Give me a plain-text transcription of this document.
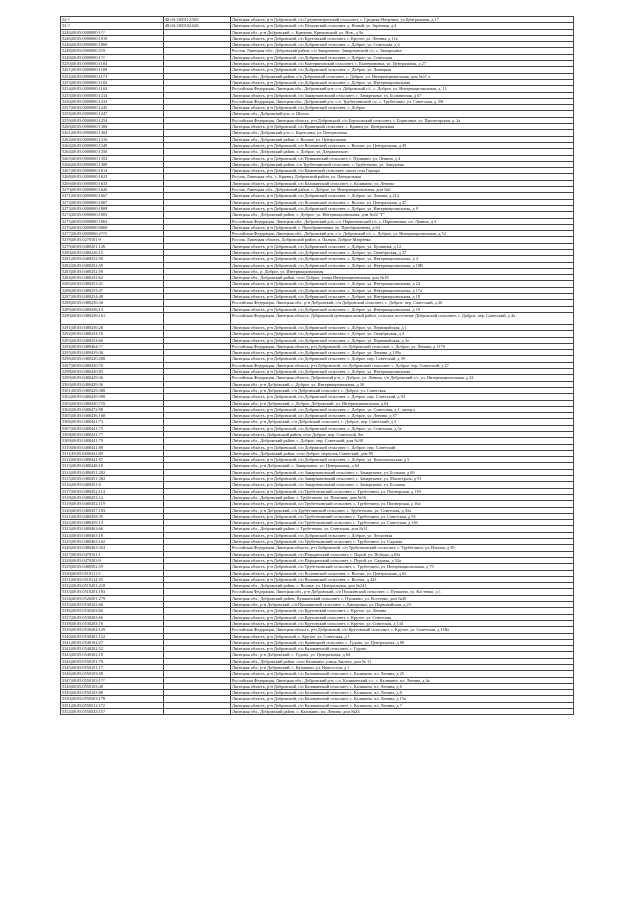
52-?	48:04:1300112:565	Липецкая область, р-н Добровский, с/п Среднематренский сельсовет, с. Средняя Матренка, ул.Центральная, д.17
52-?	48:04:1300102:626	Липецкая область, р-н Добровский, с/п Петровский сельсовет, д. Новый, ул. Заречная, д 4
5246|48:05:0000000:1??		Липецкая обл., р-н Добровский, с. Крюково, Крюковский, ул. Нов., д 9а
5246|48:05:0000000:1819		Липецкая область, р-н Добровский, с/п Крутовский сельсовет, с. Крутое, ул. Ленина, д 11к
5246|48:05:0000000:1869		Липецкая область, р-н Добровский, с/п Добровский сельсовет, с. Доброе, ул. Советская, д 4
5248|48:05:0000000:519		Россия, Липецкая обл., Добровский район, с/п Замартынье, Замартынский с/с, с. Замартынье
5249|48:05:0000000:1??		Липецкая область, р-н Добровский, с/п Добровский сельсовет, с. Доброе, ул. Советская
5250|48:05:0000000:1184		Липецкая область, р-н Добровский, с/п Екатериновский сельсовет, с. Екатериновка, ул. Центральная, д 27
5251|48:05:0000000:1189		Липецкая область, р-н Добровский, с/п Добровский сельсовет, с. Доброе, ул. Липецкая
5252|48:05:0000000:1173		Липецкая обл., Добровский район, с/п Добровский сельсовет, с. Доброе, ул. Интернациональная, дом №11 а
5253|48:05:0000000:1182		Липецкая область, р-н Добровский, с/п Добровский сельсовет, с. Доброе, ул. Интернациональная
5254|48:05:0000000:1165		Российская Федерация, Липецкая обл., Добровский р-н, с.п. Добровский с/с, с. Доброе, ул. Интернациональная, д. 11
5255|48:05:0000000:1214		Липецкая область, р-н Добровский, с/п Замартыновский сельсовет, с. Замартынье, ул. Больничная, д 67
5256|48:05:0000000:1233		Российская Федерация, Липецкая обл., Добровский р-н, с.п. Трубетчинский с/с, с. Трубетчино, ул. Советская, д. 5В
5257|48:05:0000000:1245		Липецкая область, р-н Добровский, с/п Добровский сельсовет, с. Доброе
5258|48:05:0000000:1247		Липецкая обл., Добровский р-н, п. Шолох
5259|48:05:0000000:1254		Российская Федерация, Липецкая область, р-н Добровский, с/п Борисовский сельсовет, с. Борисовка, ул. Пролетарская, д. 2а
5260|48:05:0000000:1306		Липецкая область, р-н Добровский, с/п Кривецкий сельсовет, с. Кривец ул. Центральная
5261|48:05:0000000:1304		Липецкая обл., Добровский р-н, с. Борисовка, ул. Центральная
5262|48:05:0000000:1316		Липецкая обл., Добровский район, с. Волчье, ул. Центральная
5263|48:05:0000000:1349		Липецкая область, р-н Добровский, с/п Волчанский сельсовет, с. Волчье, ул. Центральная, д 49
5264|48:05:0000000:1350		Липецкая обл., Добровский район, с. Доброе, ул. Дзержинского
5265|48:05:0000000:1352		Липецкая область, р-н Добровский, с/п Пушкинский сельсовет, с. Пушкино, ул. Ленина, д 4
5266|48:05:0000000:1389		Липецкая обл., Добровский район, с/п Трубетчинский сельсовет, с. Трубетчино, ул. Заводская
5267|48:05:0000000:1614		Липецкая область, р-н Добровский, с/п Каменский сельсовет, около села Горицы
5268|48:05:0000000:1625		Россия, Липецкая обл., с. Кривец, Добровский район, ул. Центральная
5269|48:05:0000000:1633		Липецкая область, р-н Добровский, с/п Каликинский сельсовет, с. Каликино, ул. Ленина
5270|48:05:0000000:1626		Россия, Липецкая обл., Добровский район, с. Доброе, ул. Интернациональная, дом №6
5271|48:05:0000000:1667		Липецкая область, р-н Добровский, с/п Добровский сельсовет, с. Доброе, ул. Ленина, д 214
5272|48:05:0000000:1667		Липецкая область, р-н Добровский, с/п Волчанский сельсовет, с. Волчье, ул. Центральная, д 47
5273|48:05:0000000:1808		Липецкая область, р-н Добровский, с/п Добровский сельсовет, с. Доброе, ул. Интернациональная, д 9
5274|48:05:0000000:1803		Липецкая обл., Добровский район, с. Доброе, ул. Интернациональная, дом №22 "Г"
5275|48:05:0000000:1863		Российская Федерация, Липецкая обл., Добровский р-н, с.п. Паршиновский с/с, с. Паршиновка, пл. Ленина, д 4
5276|48:05:0000000:0869		Липецкая область, р-н Добровский, с. Преображеновка, ул. Преображенова, д 64
5277|48:05:0000000:2??3		Российская Федерация, Липецкая обл., Добровский р-н, с.п. Добровский с/с, с. Доброе, ул. Интернациональная, д 52
5278|48:05:0270101:9		Россия, Липецкая область, Добровский район, п. Пальна, Доброе-Матрёнка
5279|48:05:0480201:126		Липецкая область, р-н Добровский, с/п Добровский сельсовет, с. Доброе, ул. Целинная, д 12
5280|48:05:0480226:15		Липецкая область, р-н Добровский, с/п Добровский сельсовет, с. Доброе, ул. Октябрьская, д 27
5281|48:05:0480252:59		Липецкая область, р-н Добровский, с/п Добровский сельсовет, с. Доброе, ул. Интернациональная, д 4
5282|48:05:0480252:59		Липецкая область, р-н Добровский, с/п Добровский сельсовет, с. Доброе, ул. Интернациональная, д 18В
5283|48:05:0480252:59		Липецкая обл., р. Доброе, ул. Интернациональная
5284|48:05:0480252:62		Липецкая обл., Добровский район, село Доброе, улица Интернациональная, дом №18
5285|48:05:0480253:41		Липецкая область, р-н Добровский, с/п Добровский сельсовет, с. Доброе, ул. Интернациональная, д 24
5286|48:05:0480253:47		Липецкая область, р-н Добровский, с/п Добровский сельсовет, с. Доброе, ул. Интернациональная, д 17а
5287|48:05:0480254:48		Липецкая область, р-н Добровский, с/п Добровский сельсовет, с. Доброе, ул. Интернациональная, д 18
5288|48:05:0480256:30		Российская Федерация, Липецкая обл., р-н Добровский, с/п Добровский сельсовет, с. Доброе, пер. Советский, д 26
5289|48:05:0480256:13		Липецкая область, р-н Добровский, с/п Добровский сельсовет, с. Доброе, ул. Интернациональная, д 19
5290|48:05:0480256:161		Российская Федерация, Липецкая область, Добровский муниципальный район, сельское поселение Добровский сельсовет, с. Доброе, пер. Советский, д 4а
5291|48:05:0480256:28		Липецкая область, р-н Добровский, с/п Добровский сельсовет, с. Доброе, ул. Первомайская, д 1
5292|48:05:0480254:76		Липецкая область, р-н Добровский, с/п Добровский сельсовет, с. Доброе, ул. Октябрьская, д 2
5293|48:05:0480254:66		Липецкая область, р-н Добровский, с/п Добровский сельсовет, с. Доброе, ул. Первомайская, д 3а
5294|48:05:0480464:??		Российская Федерация, Липецкая область, р-н Добровский, с/п Добровский сельсовет, с. Доброе, ул. Ленина, д 117б
5295|48:05:0480419:36		Липецкая область, р-н Добровский, с/п Добровский сельсовет, с. Доброе, ул. Ленина, д 139а
5296|48:05:0480420:288		Липецкая область, р-н Добровский, с/п Добровский сельсовет, с. Доброе, пер. Советский, д 39
5297|48:05:0480420:76		Российская Федерация, Липецкая область, р-н Добровский, с/п Добровский сельсовет, с. Доброе, пер. Советский, д 27
5298|48:05:0480420:85		Липецкая область, р-н Добровский, с/п Добровский сельсовет, с. Доброе, ул. Интернациональная
5299|48:05:0480429:36		Российская Федерация, Липецкая область, Добровский р-н, с. Доброе, ул. Ленина, с/п Добровский с/с, ул. Интернациональная, д 22
5300|48:05:0480429:36		Липецкая обл., р-н Добровский, с. Доброе, ул. Интернациональная, д 30
5301|48:05:0480429:388		Липецкая обл., р-н Добровский, с/п Добровский сельсовет, с. Доброе, ул. Советская
5302|48:05:0480429:398		Липецкая область, р-н Добровский, с/п Добровский сельсовет, с. Доброе, пер. Советский, д 94
5303|48:05:0480430:725		Липецкая обл., р-н Добровский, с. Доброе, Добровский, ул. Интернациональная, д 64
5304|48:05:0480472:98		Липецкая область, р-н Добровский, с/п Добровский сельсовет, с. Доброе, ул. Советская, д 1, литер а
5305|48:05:0480436:168		Липецкая область, р-н Добровский, с/п Добровский сельсовет, с. Доброе, ул. Ленина, д 37
5306|48:05:0480441:73		Липецкая обл., р-н Добровский, с/п Добровский сельсовет, с. Доброе, пер. Советский, д 3
5307|48:05:0480441:75		Липецкая область, р-н Добровский, с/п Добровский сельсовет, с. Доброе, ул. Советская, д 5а
5308|48:05:0480441:77		Липецкая область, Добровский район, село Доброе, пер. Советский, 8м
5309|48:05:0480441:79		Липецкая обл., Добровский район, с. Доброе, пер. Советский, дом №38
5310|48:05:0480441:88		Липецкая область, р-н Добровский, с/п Добровский сельсовет, с. Доброе, пер. Советский
5311|48:05:0480441:89		Липецкая обл., Добровский район, село Доброе, переулок Советский, дом 89
5312|48:05:0480441:87		Липецкая область, р-н Добровский, с/п Добровский сельсовет, с. Доброе, ул. Комсомольская, д 5
5313|48:05:0480448:18		Липецкая обл., р-н Добровский, с. Замартынье, ул. Центральная, д 64
5314|48:05:0480451:282		Липецкая область, р-н Добровский, с/п Замартыновский сельсовет, с. Замартынье, ул. Больная, д 69
5315|48:05:0480451:382		Липецкая область, р-н Добровский, с/п Замартыновский сельсовет, с. Замартынье, ул. Магистраль, д 91
5316|48:05:0480451:0		Липецкая область, р-н Добровский, с/п Замартыновский сельсовет, с. Замартынье, ул. Больная
5317|48:05:0480452:114		Липецкая область, р-н Добровский, с/п Трубетчинский сельсовет, с. Трубетчино, ул. Пионерская, д 139
5318|48:05:0480452:12		Липецкая обл., Добровский район, с. Трубетчино, ул. Почтовая, дом №16
5319|48:05:0480452:119		Липецкая область, р-н Добровский, с/п Трубетчинский сельсовет, с. Трубетчино, ул. Пионерская, д 16а
5320|48:05:0480457:183		Липецкая обл., р-н Добровский, с/п Трубетчинский сельсовет, с. Трубетчино, ул. Советская, д 43а
5321|48:05:0480458:35		Липецкая область, р-н Добровский, с/п Трубетчинский сельсовет, с. Трубетчино, ул. Советская, д 53
5322|48:05:0480459:13		Липецкая область, р-н Добровский, с/п Трубетчинский сельсовет, с. Трубетчино, ул. Советская, д 136
5323|48:05:0480463:66		Липецкая обл., Добровский район, с. Трубетчино, ул. Советская, дом №31
5324|48:05:0480463:18		Липецкая область, р-н Добровский, с/п Добровский сельсовет, с. Доброе, ул. Лесхозная
5325|48:05:0480463:162		Липецкая область, р-н Добровский, с/п Трубетчинский сельсовет, с. Трубетчино, ул. Садовая
5326|48:05:0480463:324		Российская Федерация, Липецкая область, р-н Добровский, с/п Трубетчинский сельсовет, с. Трубетчино, ул. Ильича, д 39
5327|48:05:0470101:1		Липецкая область, р-н Добровский, с/п Порадинский сельсовет, с. Порой, ул. Победы, д 65а
5328|48:05:0470203:9		Липецкая область, р-н Добровский, с/п Порадинский сельсовет, с. Порой, ул. Садовая, д 32а
5329|48:05:0480502:59		Липецкая область, р-н Добровский, с/п Трубетчинский сельсовет, с. Трубетчино, ул. Интернациональная, д 75
5330|48:05:0510111:5		Липецкая область, р-н Добровский, с/п Волчанский сельсовет, с. Волчье, ул. Центральная, д 62
5331|48:05:0510114:39		Липецкая область, р-н Добровский, с/п Волчанский сельсовет, с. Волчье, д 223
5332|48:05:0510201:218		Липецкая обл., Добровский район, с. Волчье, ул. Центральная, дом №241
5333|48:05:0510201:183		Российская Федерация, Липецкая обл., р-н Добровский, с/п Пушкинский сельсовет, с. Пушкино, ул. Костенко, д 1
5334|48:05:0520201:279		Липецкая обл., Добровский район, Пушкинский сельсовет, с. Пушкино, ул. Костенко, дом №28
5335|48:05:0530102:66		Липецкая обл., р-н Добровский, с/п Пушкинский сельсовет, с. Дмитровка, ул. Первомайская, д 23
5336|48:05:0530203:66		Липецкая область, р-н Добровский, с/п Крутовский сельсовет, с. Крутое, ул. Ленина
5337|48:05:0530203:66		Липецкая область, р-н Добровский, с/п Крутовский сельсовет, с. Крутое, ул. Советская
5338|48:05:0530203:76		Липецкая область, р-н Добровский, с/п Крутовский сельсовет, с. Крутое, ул. Советская, д 134
5339|48:05:0530204:129		Российская Федерация, Липецкая область, р-н Добровский, с/п Крутовский сельсовет, с. Крутое, ул. Советская, д 158а
5340|48:05:0530401:122		Липецкая область, р-н Добровский, с. Крутое, ул. Советская, д 1
5341|48:05:0540102:27		Липецкая область, р-н Добровский, с/п Кривецкий сельсовет, с. Гудово, ул. Центральная, д 68
5342|48:05:0540202:52		Липецкая область, р-н Добровский, с/п Каликинский сельсовет, с. Гудово
5343|48:05:0540302:18		Липецкая обл., р-н Добровский, с. Гудово, ул. Центральная, д 64
5344|48:05:0550101:76		Липецкая обл., Добровский район, село Каликино, улица Заклеть, дом № 11
5345|48:05:0550101:17		Липецкая обл., р-н Добровский, с. Каликино, ул. Новоселов, д 1
5346|48:05:0550103:58		Липецкая область, р-н Добровский, с/п Каликинский сельсовет, с. Каликино, пл. Ленина, д 25
5347|48:05:0550103:1??		Российская Федерация, Липецкая обл., Добровский р-н, с.п. Каликинский с/с, с. Каликино, пл. Ленина, д 4а
5348|48:05:0550103:48		Липецкая область, р-н Добровский, с/п Каликинский сельсовет, с. Каликино, пл. Ленина, д 6
5349|48:05:0550103:88		Липецкая область, р-н Добровский, с/п Каликинский сельсовет, с. Каликино, пл. Ленина, д 8
5350|48:05:0550503:178		Липецкая область, р-н Добровский, с/п Каликинский сельсовет, с. Каликино, пл. Ленина, д 15а
5351|48:05:0550511:172		Липецкая область, р-н Добровский, с/п Каликинский сельсовет, с. Каликино, пл. Ленина, д 7
5352|48:05:0550543:157		Липецкая обл., Добровский район, с. Каликино, пл. Ленина, дом №23
